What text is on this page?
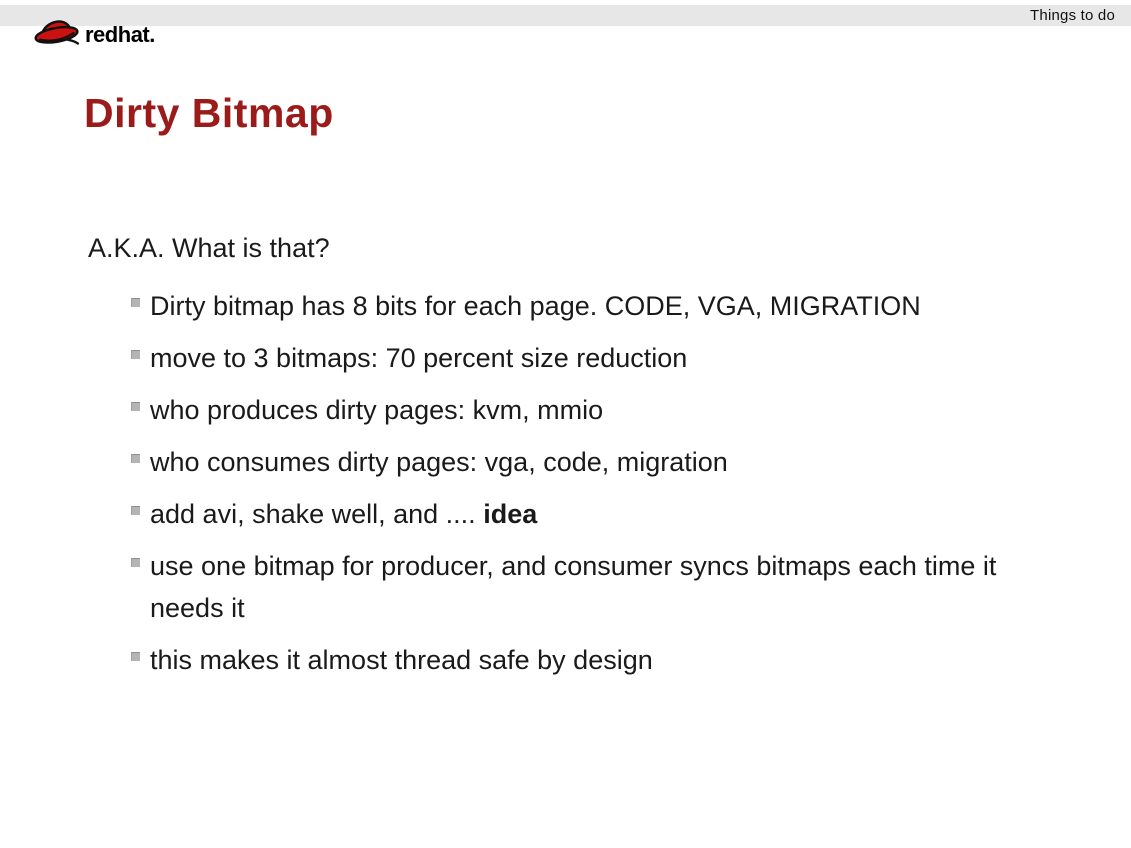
Things to do
redhat.
Dirty Bitmap

A.K.A. What is that?

Dirty bitmap has 8 bits for each page. CODE, VGA, MIGRATION
move to 3 bitmaps: 70 percent size reduction
who produces dirty pages: kvm, mmio
who consumes dirty pages: vga, code, migration
add avi, shake well, and .... idea
use one bitmap for producer, and consumer syncs bitmaps each time it needs it
this makes it almost thread safe by design
